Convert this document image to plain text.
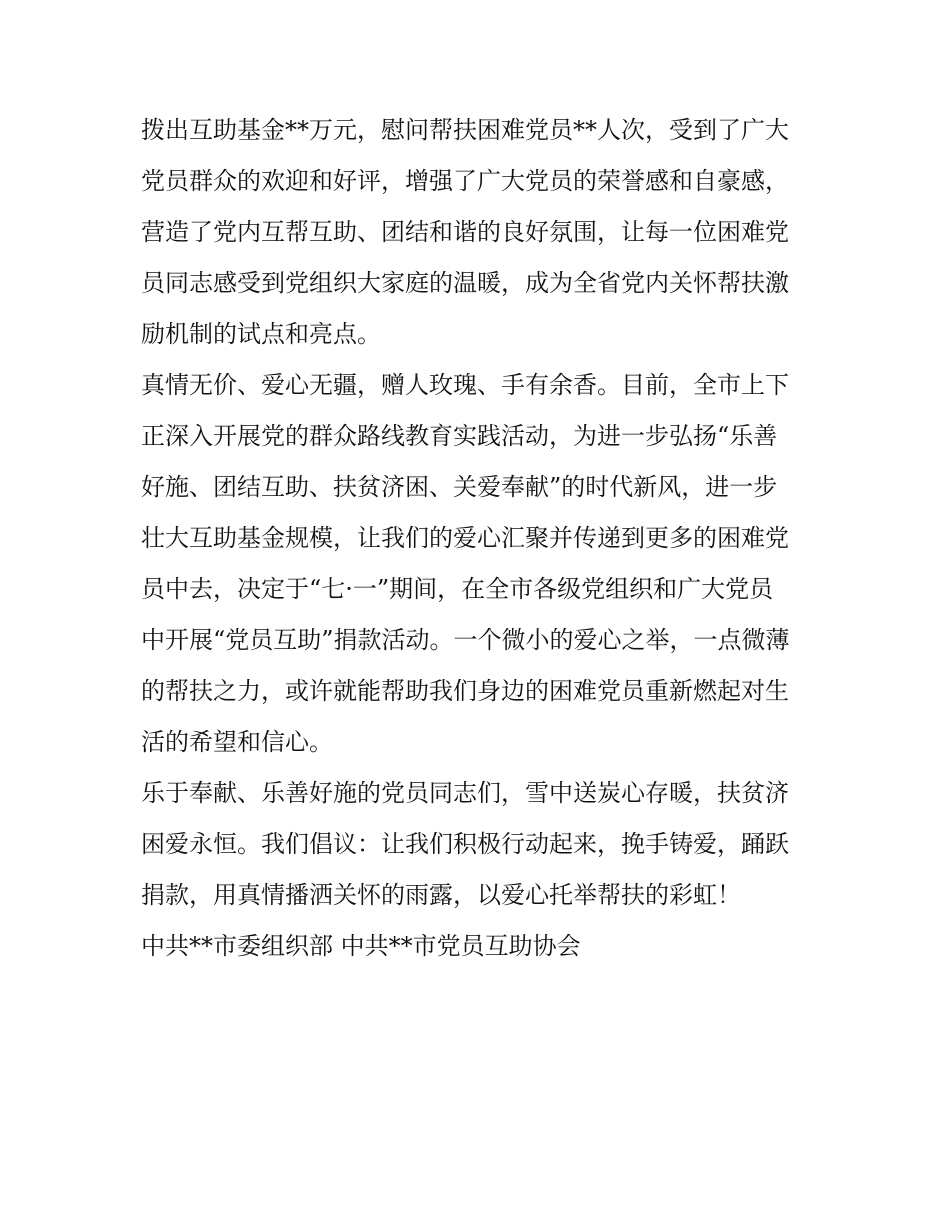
拨出互助基金**万元，慰问帮扶困难党员**人次，受到了广大
党员群众的欢迎和好评，增强了广大党员的荣誉感和自豪感，
营造了党内互帮互助、团结和谐的良好氛围，让每一位困难党
员同志感受到党组织大家庭的温暖，成为全省党内关怀帮扶激
励机制的试点和亮点。
真情无价、爱心无疆，赠人玫瑰、手有余香。目前，全市上下
正深入开展党的群众路线教育实践活动，为进一步弘扬“乐善
好施、团结互助、扶贫济困、关爱奉献”的时代新风，进一步
壮大互助基金规模，让我们的爱心汇聚并传递到更多的困难党
员中去，决定于“七·一”期间，在全市各级党组织和广大党员
中开展“党员互助”捐款活动。一个微小的爱心之举，一点微薄
的帮扶之力，或许就能帮助我们身边的困难党员重新燃起对生
活的希望和信心。
乐于奉献、乐善好施的党员同志们，雪中送炭心存暖，扶贫济
困爱永恒。我们倡议：让我们积极行动起来，挽手铸爱，踊跃
捐款，用真情播洒关怀的雨露，以爱心托举帮扶的彩虹！
中共**市委组织部 中共**市党员互助协会
